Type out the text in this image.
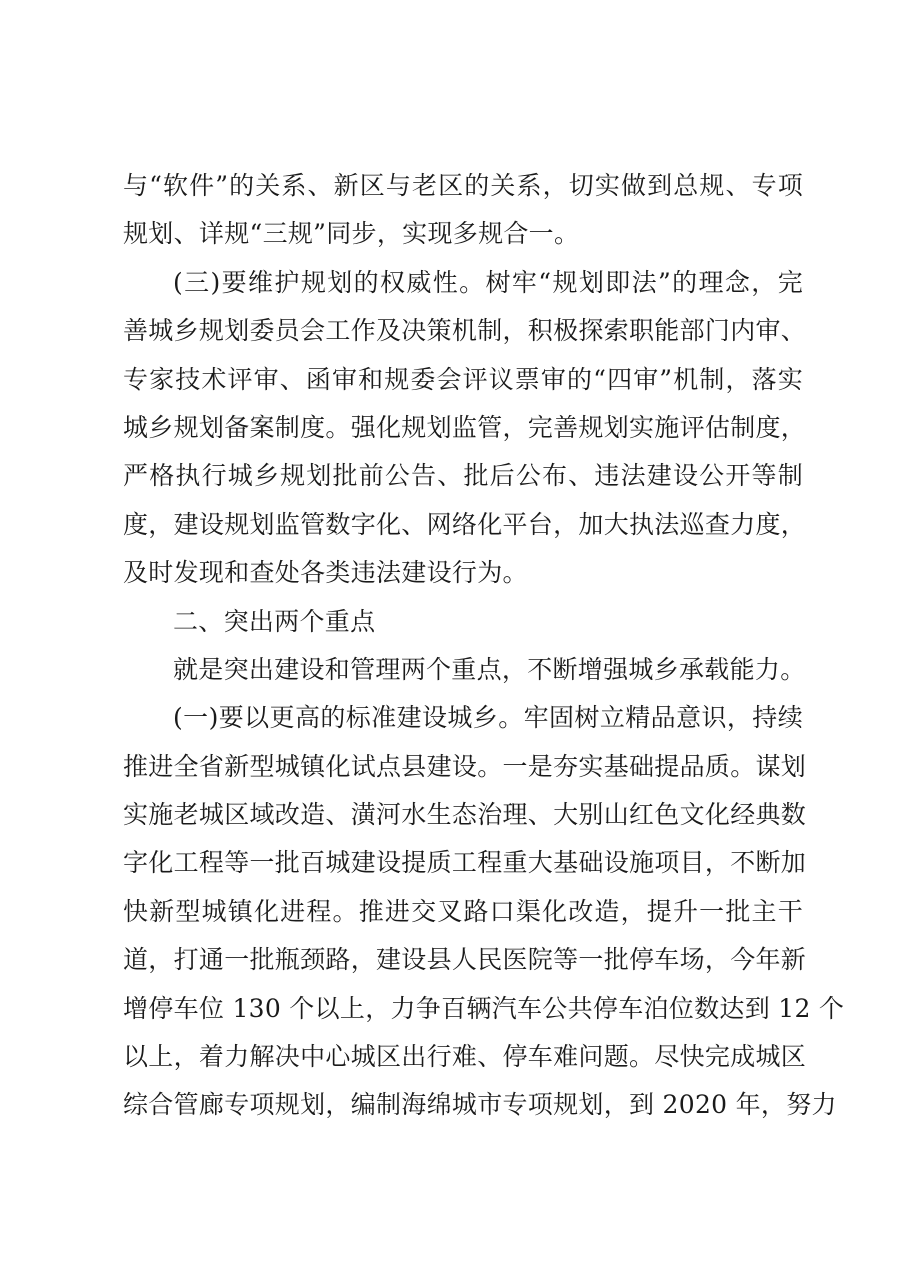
与“软件”的关系、新区与老区的关系，切实做到总规、专项
规划、详规“三规”同步，实现多规合一。
(三)要维护规划的权威性。树牢“规划即法”的理念，完
善城乡规划委员会工作及决策机制，积极探索职能部门内审、
专家技术评审、函审和规委会评议票审的“四审”机制，落实
城乡规划备案制度。强化规划监管，完善规划实施评估制度，
严格执行城乡规划批前公告、批后公布、违法建设公开等制
度，建设规划监管数字化、网络化平台，加大执法巡查力度，
及时发现和查处各类违法建设行为。
二、突出两个重点
就是突出建设和管理两个重点，不断增强城乡承载能力。
(一)要以更高的标准建设城乡。牢固树立精品意识，持续
推进全省新型城镇化试点县建设。一是夯实基础提品质。谋划
实施老城区域改造、潢河水生态治理、大别山红色文化经典数
字化工程等一批百城建设提质工程重大基础设施项目，不断加
快新型城镇化进程。推进交叉路口渠化改造，提升一批主干
道，打通一批瓶颈路，建设县人民医院等一批停车场，今年新
增停车位 130 个以上，力争百辆汽车公共停车泊位数达到 12 个
以上，着力解决中心城区出行难、停车难问题。尽快完成城区
综合管廊专项规划，编制海绵城市专项规划，到 2020 年，努力
